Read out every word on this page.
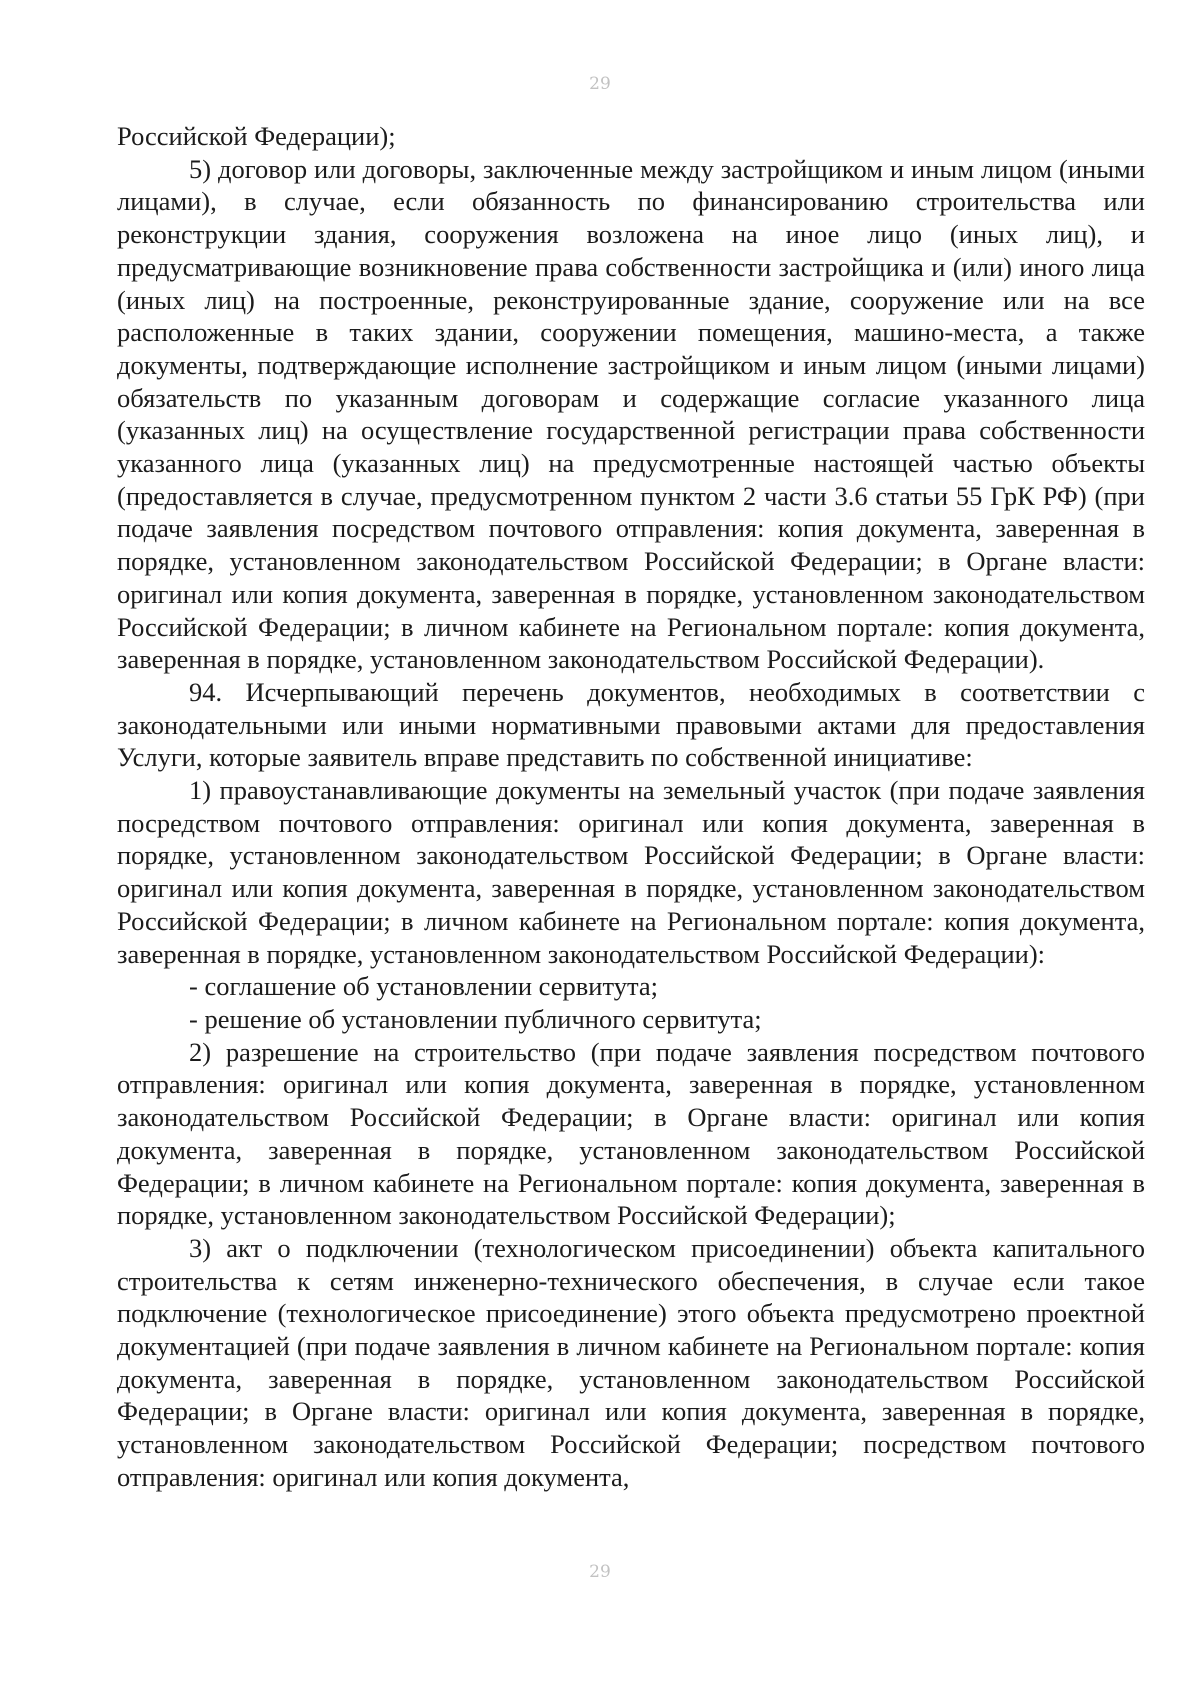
29

Российской Федерации);

5) договор или договоры, заключенные между застройщиком и иным лицом (иными лицами), в случае, если обязанность по финансированию строительства или реконструкции здания, сооружения возложена на иное лицо (иных лиц), и предусматривающие возникновение права собственности застройщика и (или) иного лица (иных лиц) на построенные, реконструированные здание, сооружение или на все расположенные в таких здании, сооружении помещения, машино-места, а также документы, подтверждающие исполнение застройщиком и иным лицом (иными лицами) обязательств по указанным договорам и содержащие согласие указанного лица (указанных лиц) на осуществление государственной регистрации права собственности указанного лица (указанных лиц) на предусмотренные настоящей частью объекты (предоставляется в случае, предусмотренном пунктом 2 части 3.6 статьи 55 ГрК РФ) (при подаче заявления посредством почтового отправления: копия документа, заверенная в порядке, установленном законодательством Российской Федерации; в Органе власти: оригинал или копия документа, заверенная в порядке, установленном законодательством Российской Федерации; в личном кабинете на Региональном портале: копия документа, заверенная в порядке, установленном законодательством Российской Федерации).

94. Исчерпывающий перечень документов, необходимых в соответствии с законодательными или иными нормативными правовыми актами для предоставления Услуги, которые заявитель вправе представить по собственной инициативе:

1) правоустанавливающие документы на земельный участок (при подаче заявления посредством почтового отправления: оригинал или копия документа, заверенная в порядке, установленном законодательством Российской Федерации; в Органе власти: оригинал или копия документа, заверенная в порядке, установленном законодательством Российской Федерации; в личном кабинете на Региональном портале: копия документа, заверенная в порядке, установленном законодательством Российской Федерации):

- соглашение об установлении сервитута;

- решение об установлении публичного сервитута;

2) разрешение на строительство (при подаче заявления посредством почтового отправления: оригинал или копия документа, заверенная в порядке, установленном законодательством Российской Федерации; в Органе власти: оригинал или копия документа, заверенная в порядке, установленном законодательством Российской Федерации; в личном кабинете на Региональном портале: копия документа, заверенная в порядке, установленном законодательством Российской Федерации);

3) акт о подключении (технологическом присоединении) объекта капитального строительства к сетям инженерно-технического обеспечения, в случае если такое подключение (технологическое присоединение) этого объекта предусмотрено проектной документацией (при подаче заявления в личном кабинете на Региональном портале: копия документа, заверенная в порядке, установленном законодательством Российской Федерации; в Органе власти: оригинал или копия документа, заверенная в порядке, установленном законодательством Российской Федерации; посредством почтового отправления: оригинал или копия документа,

29
